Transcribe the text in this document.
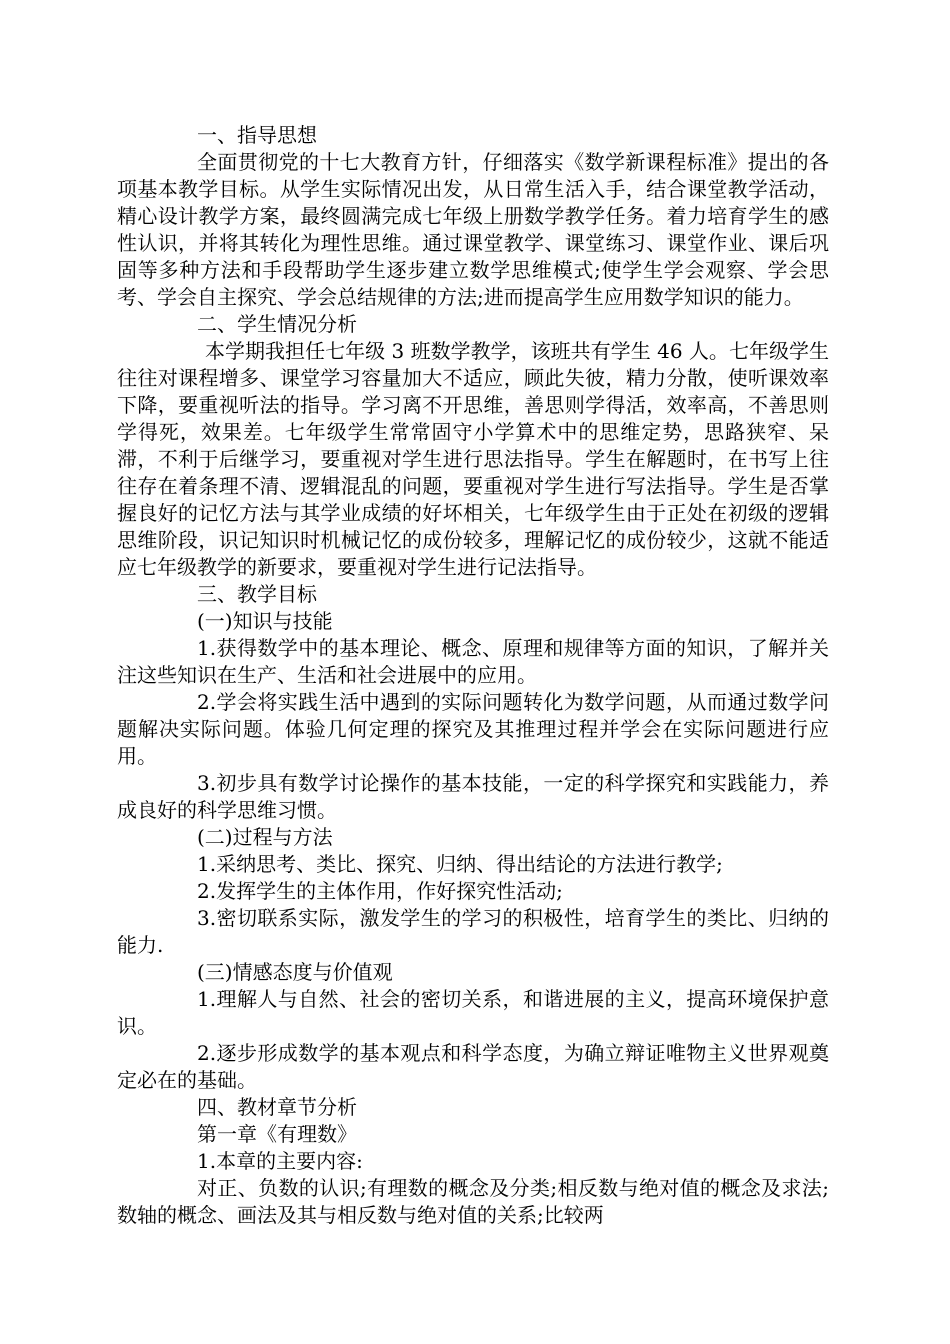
一、指导思想

全面贯彻党的十七大教育方针，仔细落实《数学新课程标准》提出的各项基本教学目标。从学生实际情况出发，从日常生活入手，结合课堂教学活动，精心设计教学方案，最终圆满完成七年级上册数学教学任务。着力培育学生的感性认识，并将其转化为理性思维。通过课堂教学、课堂练习、课堂作业、课后巩固等多种方法和手段帮助学生逐步建立数学思维模式;使学生学会观察、学会思考、学会自主探究、学会总结规律的方法;进而提高学生应用数学知识的能力。

二、学生情况分析

本学期我担任七年级 3 班数学教学，该班共有学生 46 人。七年级学生往往对课程增多、课堂学习容量加大不适应，顾此失彼，精力分散，使听课效率下降，要重视听法的指导。学习离不开思维，善思则学得活，效率高，不善思则学得死，效果差。七年级学生常常固守小学算术中的思维定势，思路狭窄、呆滞，不利于后继学习，要重视对学生进行思法指导。学生在解题时，在书写上往往存在着条理不清、逻辑混乱的问题，要重视对学生进行写法指导。学生是否掌握良好的记忆方法与其学业成绩的好坏相关，七年级学生由于正处在初级的逻辑思维阶段，识记知识时机械记忆的成份较多，理解记忆的成份较少，这就不能适应七年级教学的新要求，要重视对学生进行记法指导。

三、教学目标

(一)知识与技能

1.获得数学中的基本理论、概念、原理和规律等方面的知识，了解并关注这些知识在生产、生活和社会进展中的应用。

2.学会将实践生活中遇到的实际问题转化为数学问题，从而通过数学问题解决实际问题。体验几何定理的探究及其推理过程并学会在实际问题进行应用。

3.初步具有数学讨论操作的基本技能，一定的科学探究和实践能力，养成良好的科学思维习惯。

(二)过程与方法

1.采纳思考、类比、探究、归纳、得出结论的方法进行教学;

2.发挥学生的主体作用，作好探究性活动;

3.密切联系实际，激发学生的学习的积极性，培育学生的类比、归纳的能力.

(三)情感态度与价值观

1.理解人与自然、社会的密切关系，和谐进展的主义，提高环境保护意识。

2.逐步形成数学的基本观点和科学态度，为确立辩证唯物主义世界观奠定必在的基础。

四、教材章节分析

第一章《有理数》

1.本章的主要内容:

对正、负数的认识;有理数的概念及分类;相反数与绝对值的概念及求法;数轴的概念、画法及其与相反数与绝对值的关系;比较两
